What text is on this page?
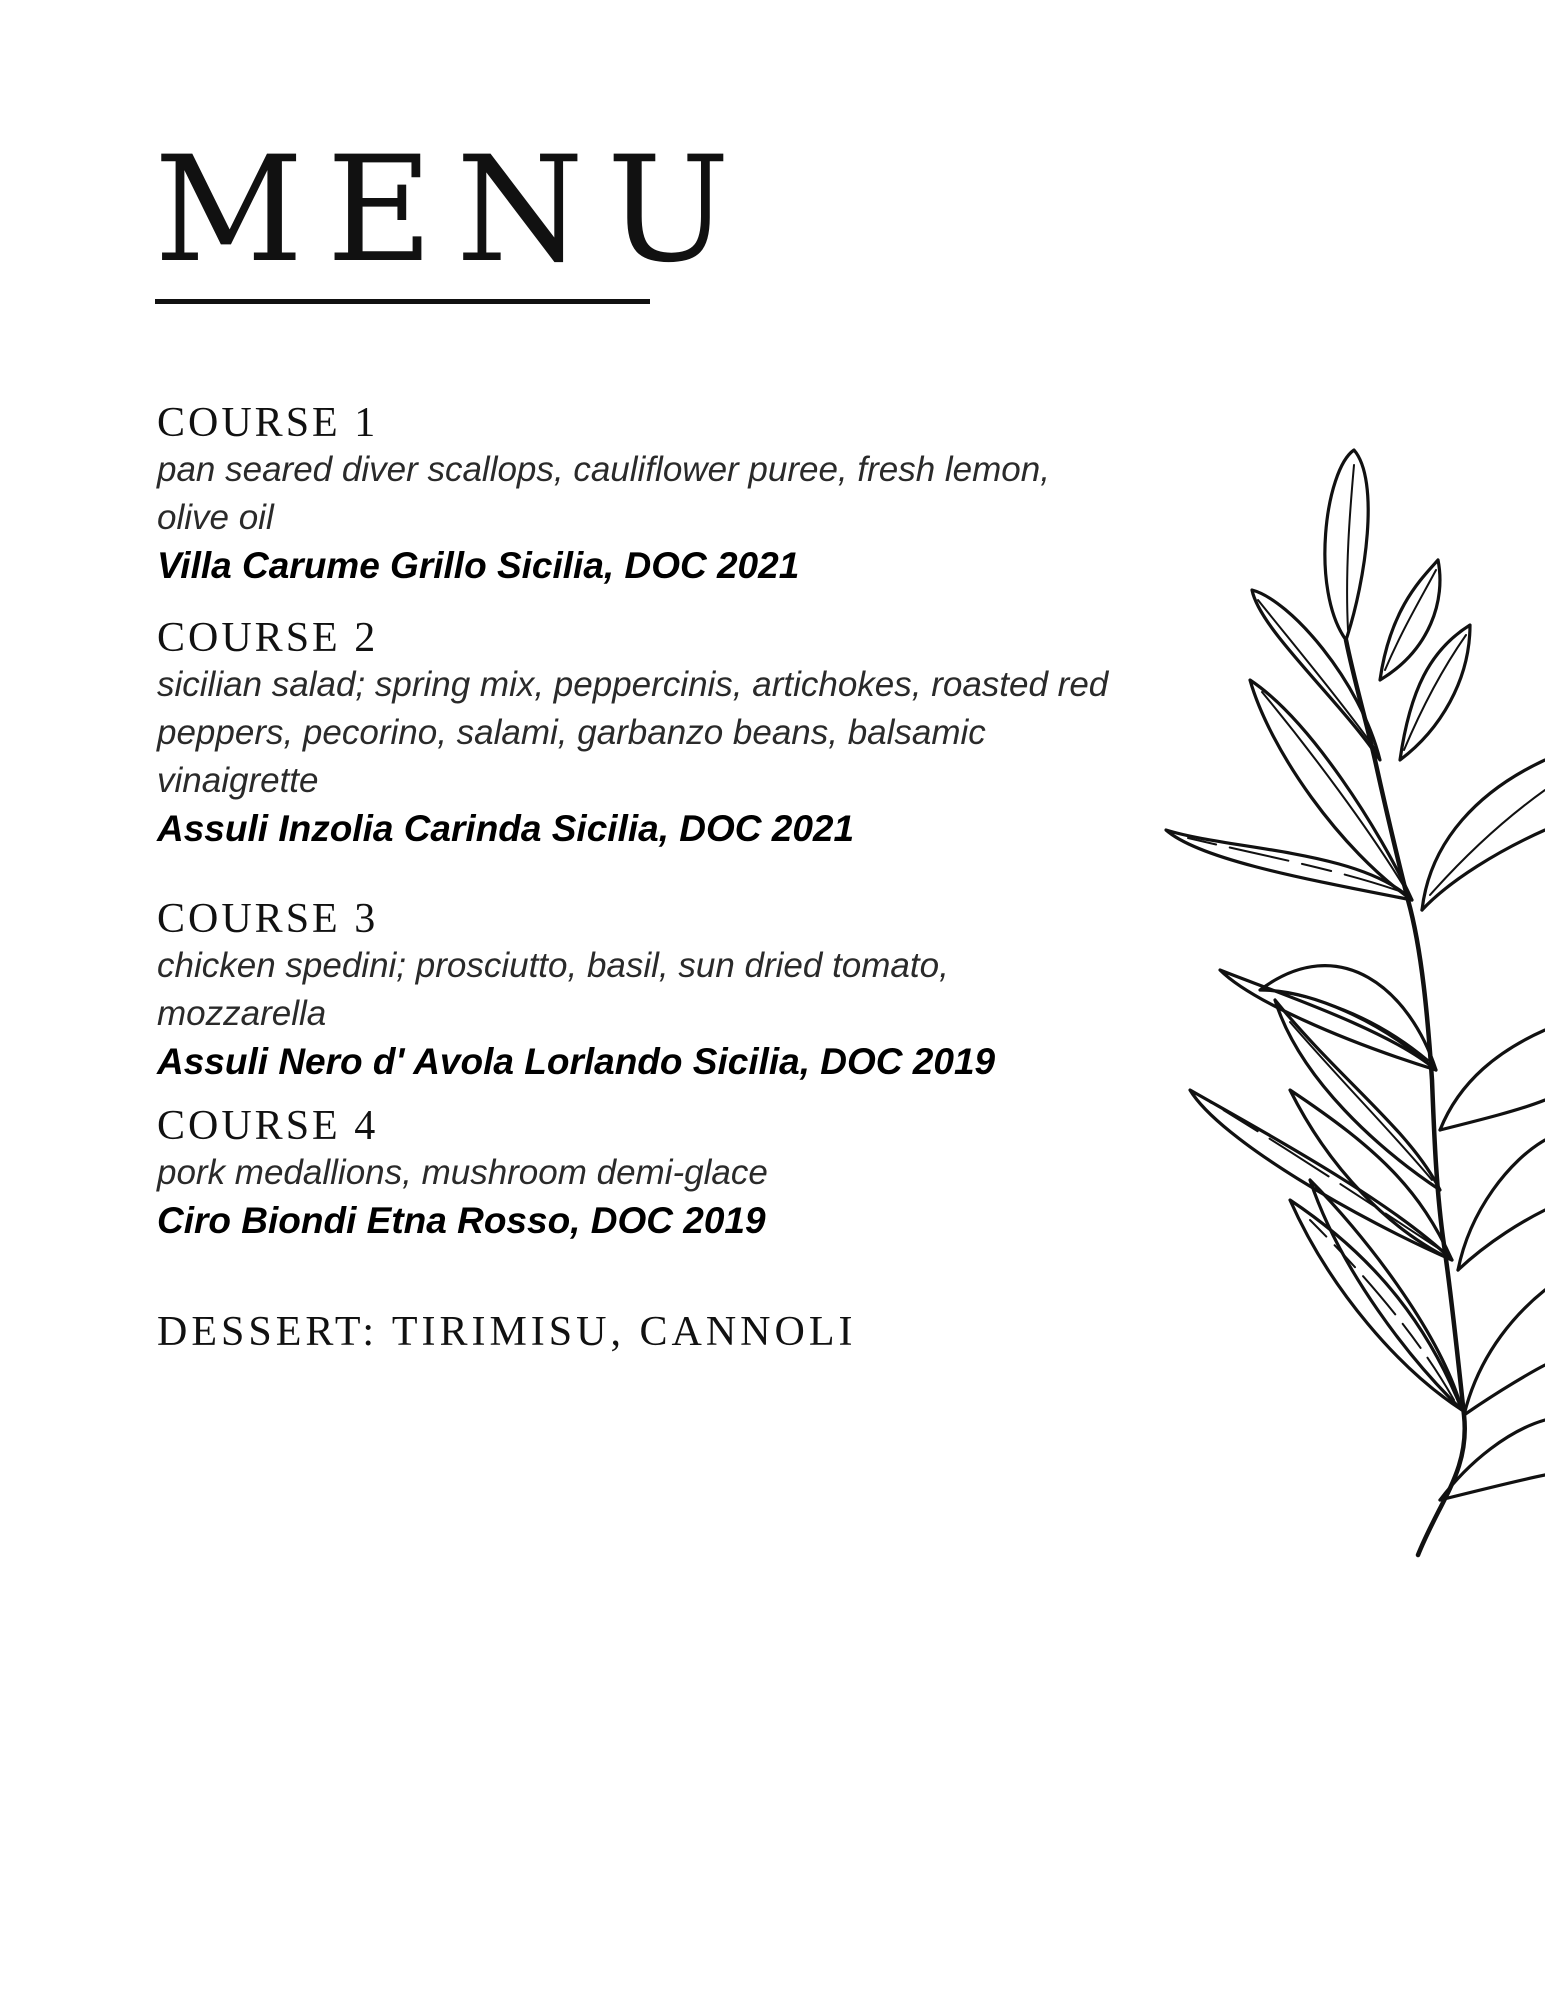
MENU
COURSE 1

pan seared diver scallops, cauliflower puree, fresh lemon, olive oil

Villa Carume Grillo Sicilia, DOC 2021

COURSE 2

sicilian salad; spring mix, peppercinis, artichokes, roasted red peppers, pecorino, salami, garbanzo beans, balsamic vinaigrette

Assuli Inzolia Carinda Sicilia, DOC 2021

COURSE 3

chicken spedini; prosciutto, basil, sun dried tomato, mozzarella

Assuli Nero d' Avola Lorlando Sicilia, DOC 2019

COURSE 4

pork medallions, mushroom demi-glace

Ciro Biondi Etna Rosso, DOC 2019

DESSERT: TIRIMISU, CANNOLI
